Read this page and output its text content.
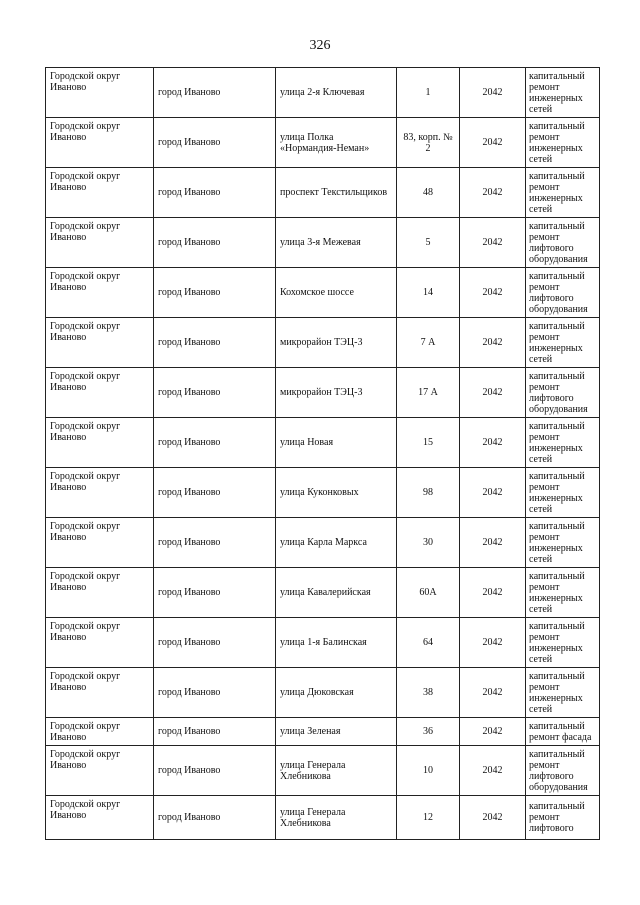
326
Городской округ Иваново	город Иваново	улица 2-я Ключевая	1	2042	капитальный ремонт инженерных сетей
Городской округ Иваново	город Иваново	улица Полка «Нормандия-Неман»	83, корп. № 2	2042	капитальный ремонт инженерных сетей
Городской округ Иваново	город Иваново	проспект Текстильщиков	48	2042	капитальный ремонт инженерных сетей
Городской округ Иваново	город Иваново	улица 3-я Межевая	5	2042	капитальный ремонт лифтового оборудования
Городской округ Иваново	город Иваново	Кохомское шоссе	14	2042	капитальный ремонт лифтового оборудования
Городской округ Иваново	город Иваново	микрорайон ТЭЦ-3	7 А	2042	капитальный ремонт инженерных сетей
Городской округ Иваново	город Иваново	микрорайон ТЭЦ-3	17 А	2042	капитальный ремонт лифтового оборудования
Городской округ Иваново	город Иваново	улица Новая	15	2042	капитальный ремонт инженерных сетей
Городской округ Иваново	город Иваново	улица Куконковых	98	2042	капитальный ремонт инженерных сетей
Городской округ Иваново	город Иваново	улица Карла Маркса	30	2042	капитальный ремонт инженерных сетей
Городской округ Иваново	город Иваново	улица Кавалерийская	60А	2042	капитальный ремонт инженерных сетей
Городской округ Иваново	город Иваново	улица 1-я Балинская	64	2042	капитальный ремонт инженерных сетей
Городской округ Иваново	город Иваново	улица Дюковская	38	2042	капитальный ремонт инженерных сетей
Городской округ Иваново	город Иваново	улица Зеленая	36	2042	капитальный ремонт фасада
Городской округ Иваново	город Иваново	улица Генерала Хлебникова	10	2042	капитальный ремонт лифтового оборудования
Городской округ Иваново	город Иваново	улица Генерала Хлебникова	12	2042	капитальный ремонт лифтового
